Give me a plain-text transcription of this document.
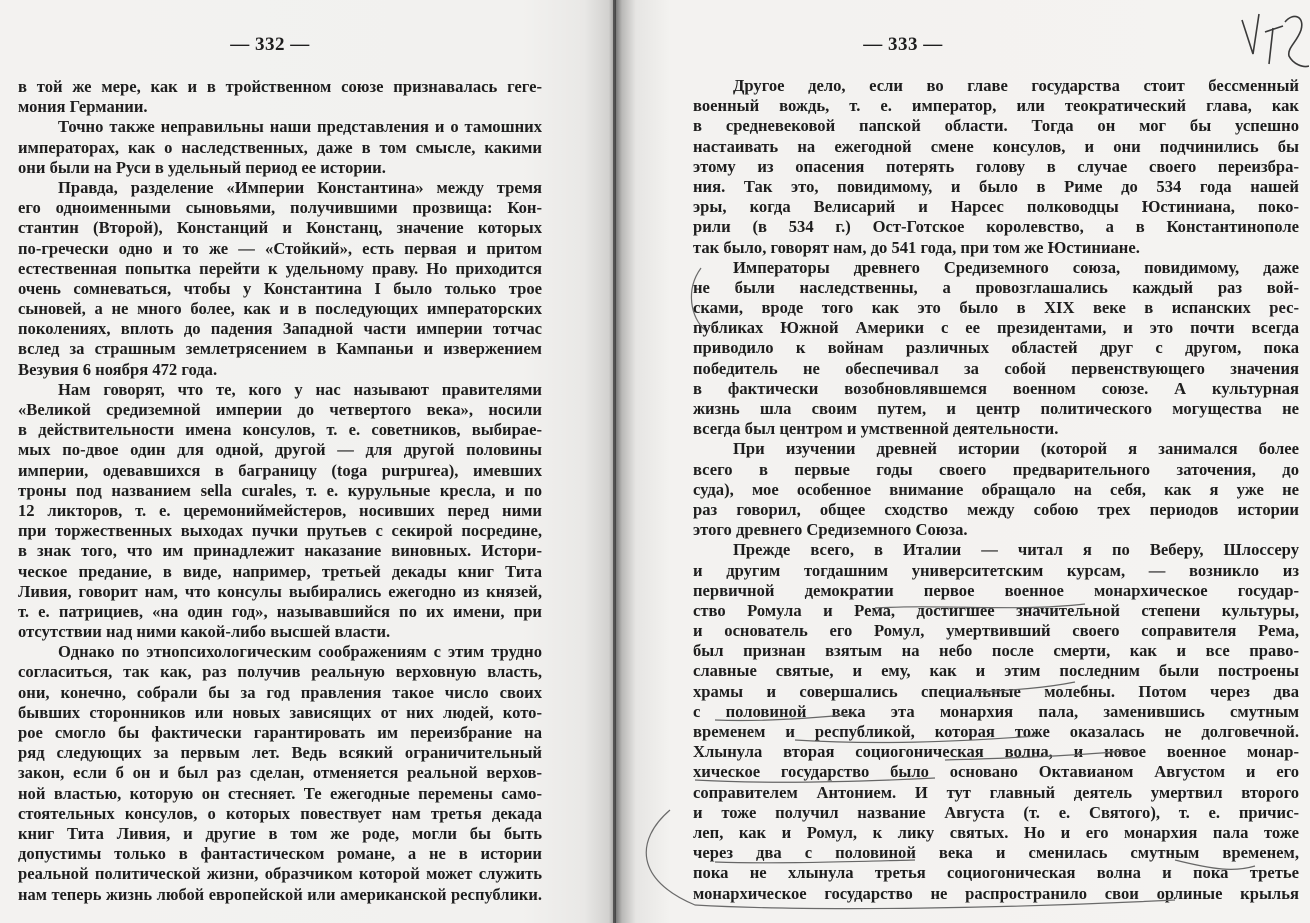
— 332 —
в той же мере, как и в тройственном союзе признавалась геге-
мония Германии.
Точно также неправильны наши представления и о тамошних
императорах, как о наследственных, даже в том смысле, какими
они были на Руси в удельный период ее истории.
Правда, разделение «Империи Константина» между тремя
его одноименными сыновьями, получившими прозвища: Кон-
стантин (Второй), Констанций и Констанц, значение которых
по-гречески одно и то же — «Стойкий», есть первая и притом
естественная попытка перейти к удельному праву. Но приходится
очень сомневаться, чтобы у Константина I было только трое
сыновей, а не много более, как и в последующих императорских
поколениях, вплоть до падения Западной части империи тотчас
вслед за страшным землетрясением в Кампаньи и извержением
Везувия 6 ноября 472 года.
Нам говорят, что те, кого у нас называют правителями
«Великой средиземной империи до четвертого века», носили
в действительности имена консулов, т. е. советников, выбирае-
мых по-двое один для одной, другой — для другой половины
империи, одевавшихся в баграницу (toga purpurea), имевших
троны под названием sella curales, т. е. курульные кресла, и по
12 ликторов, т. е. церемониймейстеров, носивших перед ними
при торжественных выходах пучки прутьев с секирой посредине,
в знак того, что им принадлежит наказание виновных. Истори-
ческое предание, в виде, например, третьей декады книг Тита
Ливия, говорит нам, что консулы выбирались ежегодно из князей,
т. е. патрициев, «на один год», называвшийся по их имени, при
отсутствии над ними какой-либо высшей власти.
Однако по этнопсихологическим соображениям с этим трудно
согласиться, так как, раз получив реальную верховную власть,
они, конечно, собрали бы за год правления такое число своих
бывших сторонников или новых зависящих от них людей, кото-
рое смогло бы фактически гарантировать им переизбрание на
ряд следующих за первым лет. Ведь всякий ограничительный
закон, если б он и был раз сделан, отменяется реальной верхов-
ной властью, которую он стесняет. Те ежегодные перемены само-
стоятельных консулов, о которых повествует нам третья декада
книг Тита Ливия, и другие в том же роде, могли бы быть
допустимы только в фантастическом романе, а не в истории
реальной политической жизни, образчиком которой может служить
нам теперь жизнь любой европейской или американской республики.
— 333 —
Другое дело, если во главе государства стоит бессменный
военный вождь, т. е. император, или теократический глава, как
в средневековой папской области. Тогда он мог бы успешно
настаивать на ежегодной смене консулов, и они подчинились бы
этому из опасения потерять голову в случае своего переизбра-
ния. Так это, повидимому, и было в Риме до 534 года нашей
эры, когда Велисарий и Нарсес полководцы Юстиниана, поко-
рили (в 534 г.) Ост-Готское королевство, а в Константинополе
так было, говорят нам, до 541 года, при том же Юстиниане.
Императоры древнего Средиземного союза, повидимому, даже
не были наследственны, а провозглашались каждый раз вой-
сками, вроде того как это было в XIX веке в испанских рес-
публиках Южной Америки с ее президентами, и это почти всегда
приводило к войнам различных областей друг с другом, пока
победитель не обеспечивал за собой первенствующего значения
в фактически возобновлявшемся военном союзе. А культурная
жизнь шла своим путем, и центр политического могущества не
всегда был центром и умственной деятельности.
При изучении древней истории (которой я занимался более
всего в первые годы своего предварительного заточения, до
суда), мое особенное внимание обращало на себя, как я уже не
раз говорил, общее сходство между собою трех периодов истории
этого древнего Средиземного Союза.
Прежде всего, в Италии — читал я по Веберу, Шлоссеру
и другим тогдашним университетским курсам, — возникло из
первичной демократии первое военное монархическое государ-
ство Ромула и Рема, достигшее значительной степени культуры,
и основатель его Ромул, умертвивший своего соправителя Рема,
был признан взятым на небо после смерти, как и все право-
славные святые, и ему, как и этим последним были построены
храмы и совершались специальные молебны. Потом через два
с половиной века эта монархия пала, заменившись смутным
временем и республикой, которая тоже оказалась не долговечной.
Хлынула вторая социогоническая волна, и новое военное монар-
хическое государство было основано Октавианом Августом и его
соправителем Антонием. И тут главный деятель умертвил второго
и тоже получил название Августа (т. е. Святого), т. е. причис-
леп, как и Ромул, к лику святых. Но и его монархия пала тоже
через два с половиной века и сменилась смутным временем,
пока не хлынула третья социогоническая волна и пока третье
монархическое государство не распространило свои орлиные крылья
